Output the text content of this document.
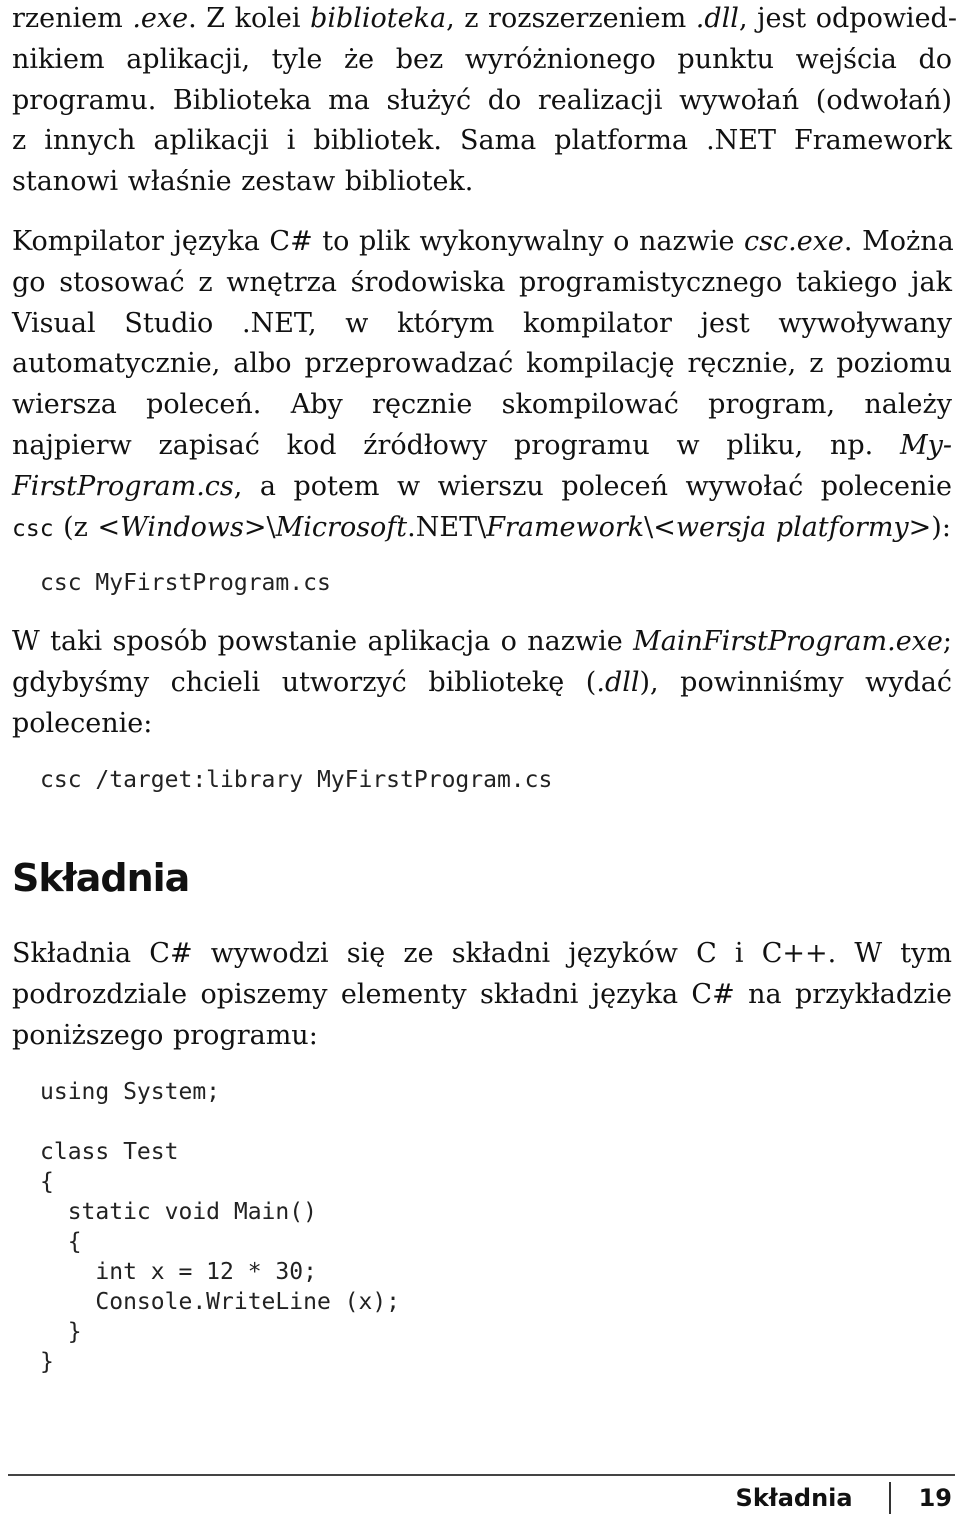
rzeniem .exe. Z kolei biblioteka, z rozszerzeniem .dll, jest odpowied-
nikiem aplikacji, tyle że bez wyróżnionego punktu wejścia do
programu. Biblioteka ma służyć do realizacji wywołań (odwołań)
z innych aplikacji i bibliotek. Sama platforma .NET Framework
stanowi właśnie zestaw bibliotek.
Kompilator języka C# to plik wykonywalny o nazwie csc.exe. Można
go stosować z wnętrza środowiska programistycznego takiego jak
Visual Studio .NET, w którym kompilator jest wywoływany
automatycznie, albo przeprowadzać kompilację ręcznie, z poziomu
wiersza poleceń. Aby ręcznie skompilować program, należy
najpierw zapisać kod źródłowy programu w pliku, np. My-
FirstProgram.cs, a potem w wierszu poleceń wywołać polecenie
csc (z <Windows>\Microsoft.NET\Framework\<wersja platformy>):
csc MyFirstProgram.cs
W taki sposób powstanie aplikacja o nazwie MainFirstProgram.exe;
gdybyśmy chcieli utworzyć bibliotekę (.dll), powinniśmy wydać
polecenie:
csc /target:library MyFirstProgram.cs
Składnia
Składnia C# wywodzi się ze składni języków C i C++. W tym
podrozdziale opiszemy elementy składni języka C# na przykładzie
poniższego programu:
using System;

class Test
{
static void Main()
{
int x = 12 * 30;
Console.WriteLine (x);
}
}
Składnia	19
